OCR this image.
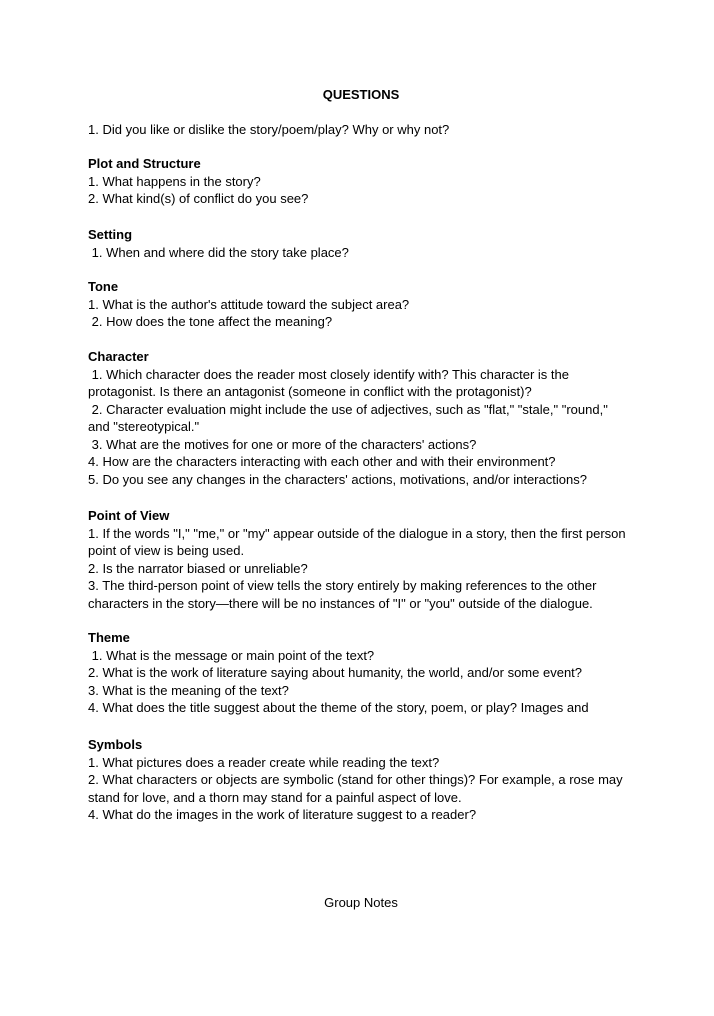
QUESTIONS
1. Did you like or dislike the story/poem/play? Why or why not?
Plot and Structure

1. What happens in the story?

2. What kind(s) of conflict do you see?

Setting

1. When and where did the story take place?

Tone

1. What is the author's attitude toward the subject area?

2. How does the tone affect the meaning?

Character

1. Which character does the reader most closely identify with? This character is the protagonist. Is there an antagonist (someone in conflict with the protagonist)?

2. Character evaluation might include the use of adjectives, such as "flat," "stale," "round," and "stereotypical."

3. What are the motives for one or more of the characters' actions?

4. How are the characters interacting with each other and with their environment?

5. Do you see any changes in the characters' actions, motivations, and/or interactions?

Point of View

1. If the words "I," "me," or "my" appear outside of the dialogue in a story, then the first person point of view is being used.

2. Is the narrator biased or unreliable?

3. The third-person point of view tells the story entirely by making references to the other characters in the story—there will be no instances of "I" or "you" outside of the dialogue.

Theme

1. What is the message or main point of the text?

2. What is the work of literature saying about humanity, the world, and/or some event?

3. What is the meaning of the text?

4. What does the title suggest about the theme of the story, poem, or play? Images and

Symbols

1. What pictures does a reader create while reading the text?

2. What characters or objects are symbolic (stand for other things)? For example, a rose may stand for love, and a thorn may stand for a painful aspect of love.

4. What do the images in the work of literature suggest to a reader?

Group Notes
